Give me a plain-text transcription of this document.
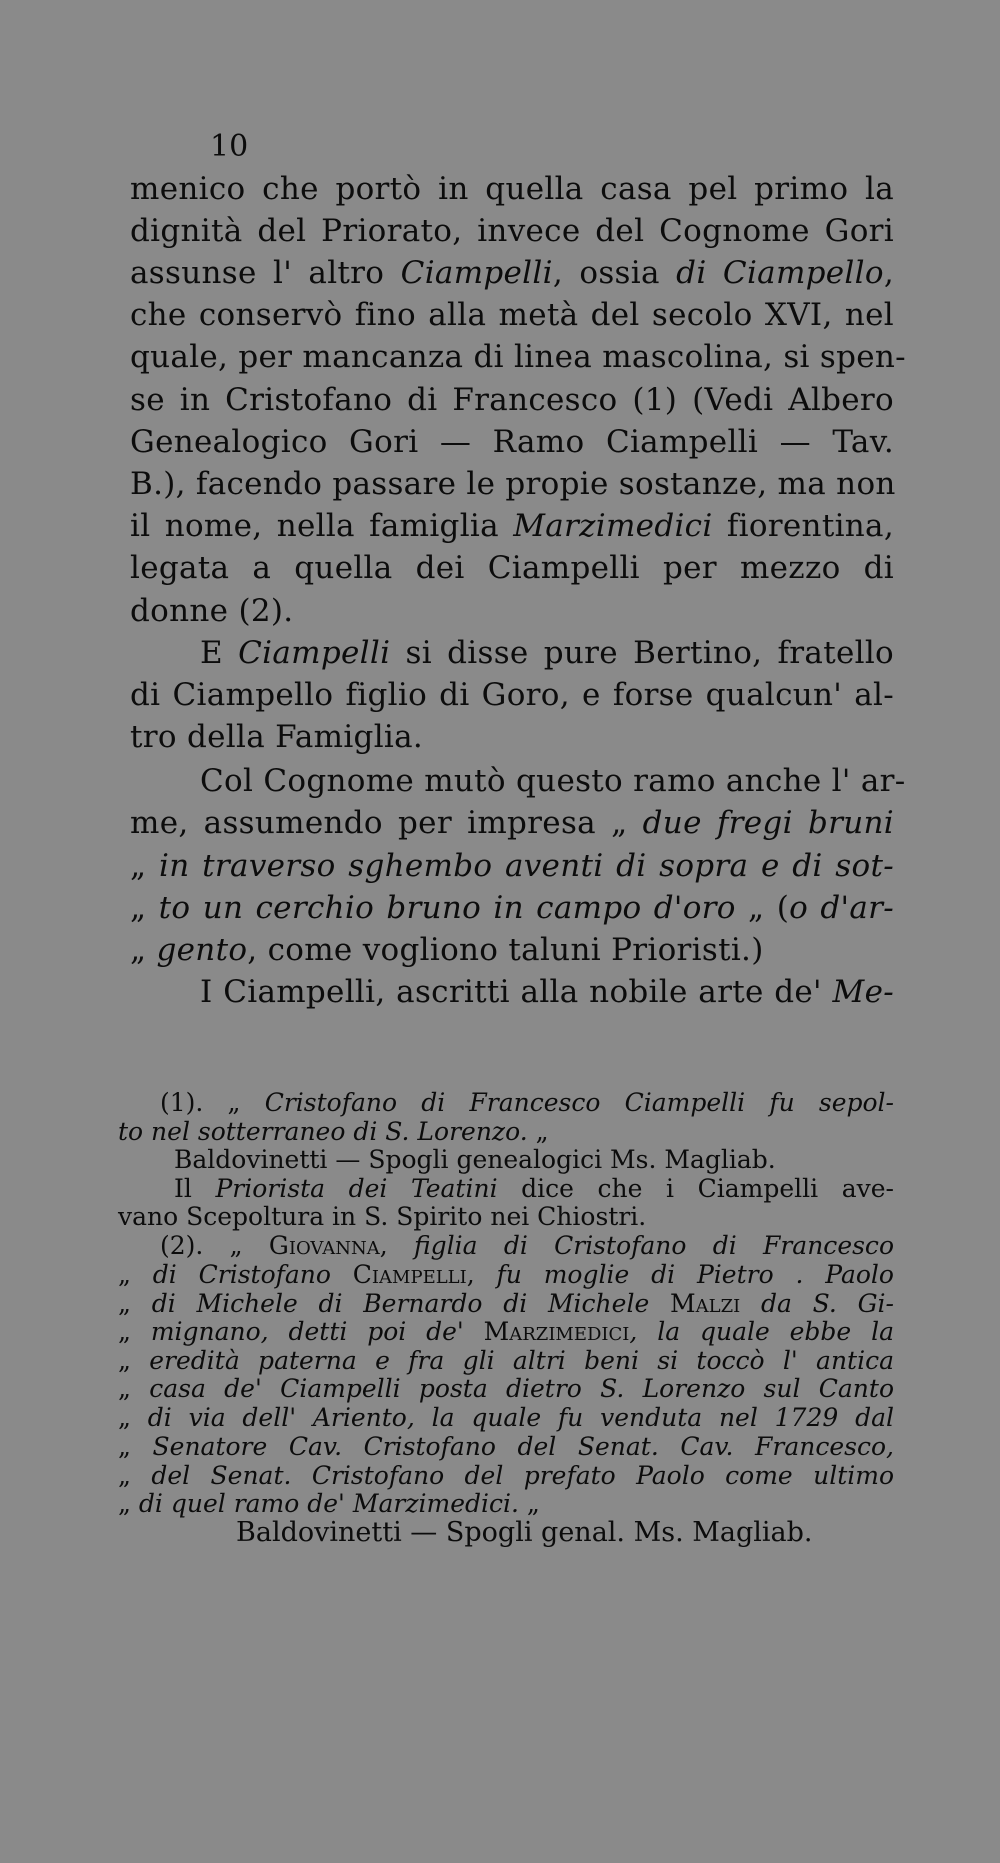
10
menico che portò in quella casa pel primo la
dignità del Priorato, invece del Cognome Gori
assunse l' altro Ciampelli, ossia di Ciampello,
che conservò fino alla metà del secolo XVI, nel
quale, per mancanza di linea mascolina, si spen-
se in Cristofano di Francesco (1) (Vedi Albero
Genealogico Gori — Ramo Ciampelli — Tav.
B.), facendo passare le propie sostanze, ma non
il nome, nella famiglia Marzimedici fiorentina,
legata a quella dei Ciampelli per mezzo di
donne (2).
E Ciampelli si disse pure Bertino, fratello
di Ciampello figlio di Goro, e forse qualcun' al-
tro della Famiglia.
Col Cognome mutò questo ramo anche l' ar-
me, assumendo per impresa „ due fregi bruni
„ in traverso sghembo aventi di sopra e di sot-
„ to un cerchio bruno in campo d'oro „ (o d'ar-
„ gento, come vogliono taluni Prioristi.)
I Ciampelli, ascritti alla nobile arte de' Me-
(1). „ Cristofano di Francesco Ciampelli fu sepol-
to nel sotterraneo di S. Lorenzo. „
Baldovinetti — Spogli genealogici Ms. Magliab.
Il Priorista dei Teatini dice che i Ciampelli ave-
vano Scepoltura in S. Spirito nei Chiostri.
(2). „ Giovanna, figlia di Cristofano di Francesco
„ di Cristofano Ciampelli, fu moglie di Pietro . Paolo
„ di Michele di Bernardo di Michele Malzi da S. Gi-
„ mignano, detti poi de' Marzimedici, la quale ebbe la
„ eredità paterna e fra gli altri beni si toccò l' antica
„ casa de' Ciampelli posta dietro S. Lorenzo sul Canto
„ di via dell' Ariento, la quale fu venduta nel 1729 dal
„ Senatore Cav. Cristofano del Senat. Cav. Francesco,
„ del Senat. Cristofano del prefato Paolo come ultimo
„ di quel ramo de' Marzimedici. „
Baldovinetti — Spogli genal. Ms. Magliab.
